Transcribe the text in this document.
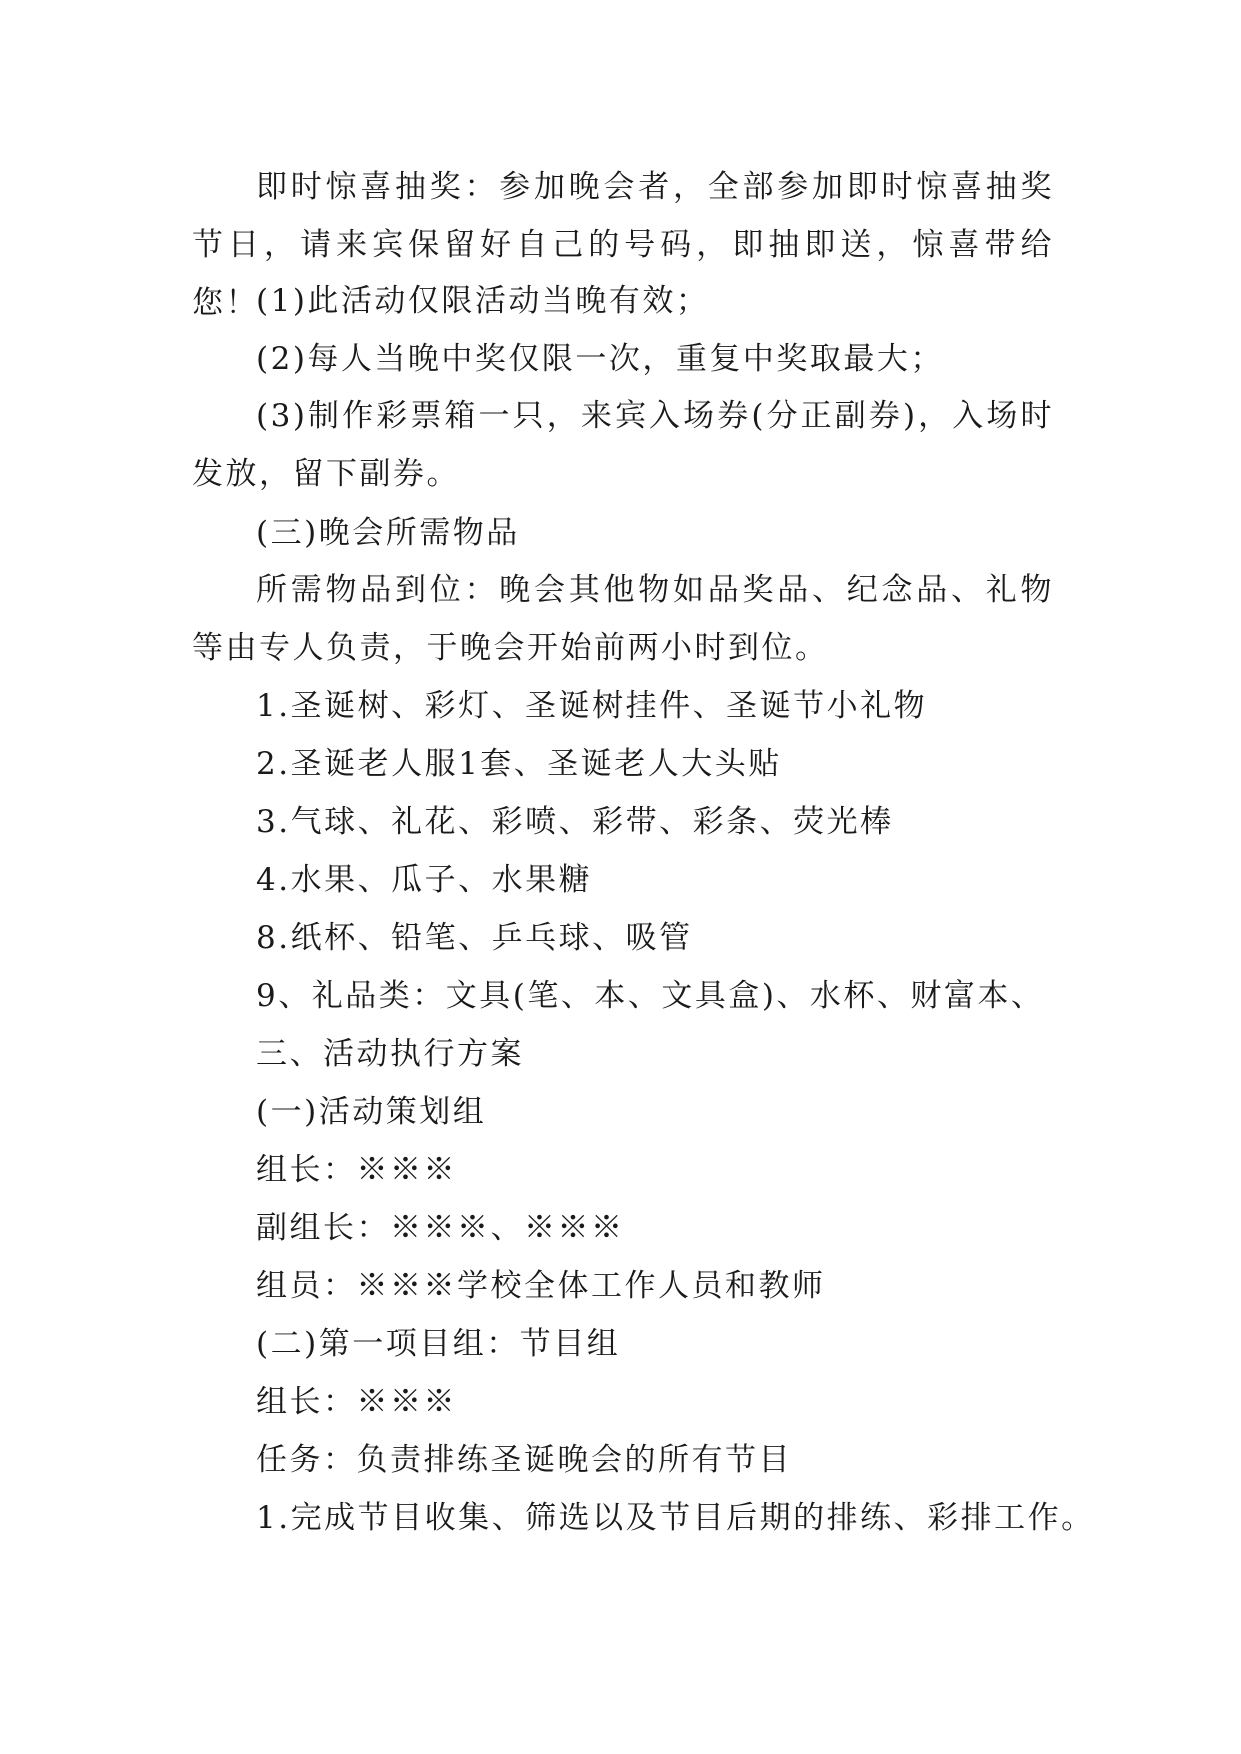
即时惊喜抽奖：参加晚会者，全部参加即时惊喜抽奖节日，请来宾保留好自己的号码，即抽即送，惊喜带给您！
(1)此活动仅限活动当晚有效；
(2)每人当晚中奖仅限一次，重复中奖取最大；
(3)制作彩票箱一只，来宾入场券(分正副券)，入场时发放，留下副券。
(三)晚会所需物品
所需物品到位：晚会其他物如品奖品、纪念品、礼物等由专人负责，于晚会开始前两小时到位。
1.圣诞树、彩灯、圣诞树挂件、圣诞节小礼物
2.圣诞老人服1套、圣诞老人大头贴
3.气球、礼花、彩喷、彩带、彩条、荧光棒
4.水果、瓜子、水果糖
8.纸杯、铅笔、乒乓球、吸管
9、礼品类：文具(笔、本、文具盒)、水杯、财富本、
三、活动执行方案
(一)活动策划组
组长：※※※
副组长：※※※、※※※
组员：※※※学校全体工作人员和教师
(二)第一项目组：节目组
组长：※※※
任务：负责排练圣诞晚会的所有节目
1.完成节目收集、筛选以及节目后期的排练、彩排工作。
